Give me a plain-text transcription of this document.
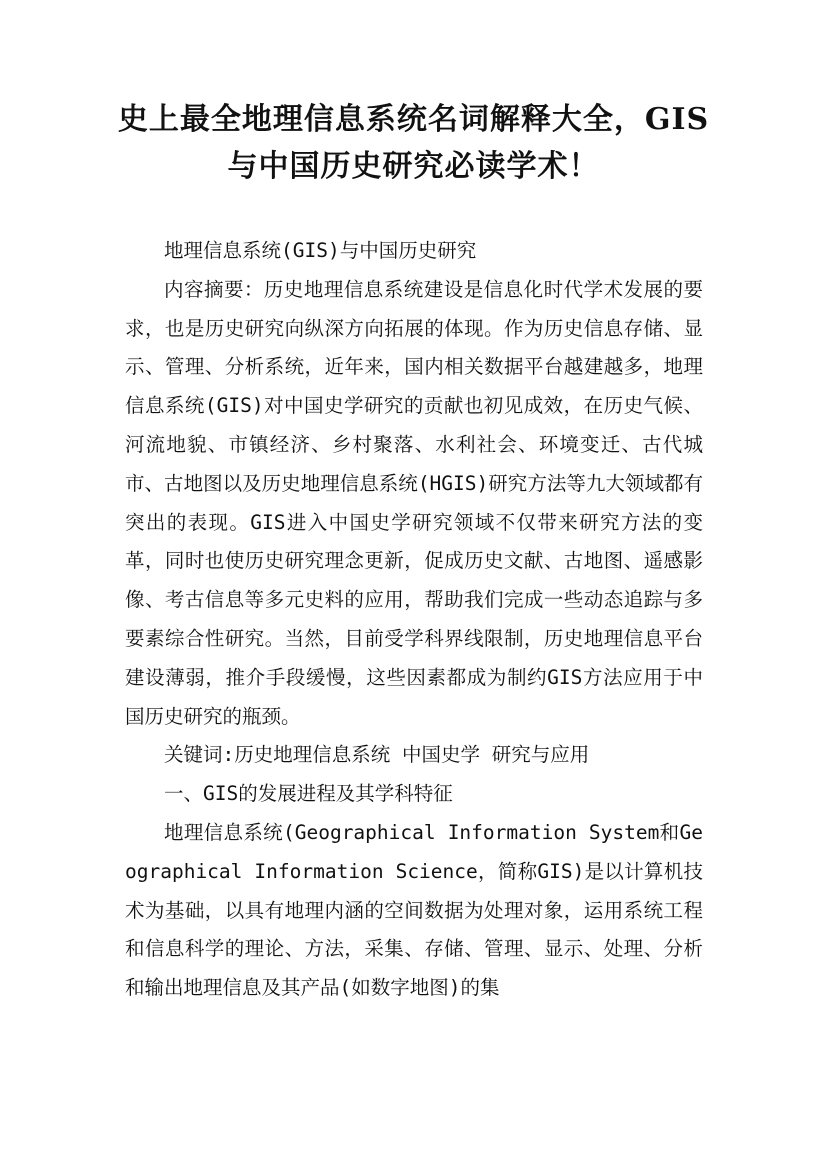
史上最全地理信息系统名词解释大全，GIS
与中国历史研究必读学术！

地理信息系统(GIS)与中国历史研究

内容摘要：历史地理信息系统建设是信息化时代学术发展的要求，也是历史研究向纵深方向拓展的体现。作为历史信息存储、显示、管理、分析系统，近年来，国内相关数据平台越建越多，地理信息系统(GIS)对中国史学研究的贡献也初见成效，在历史气候、河流地貌、市镇经济、乡村聚落、水利社会、环境变迁、古代城市、古地图以及历史地理信息系统(HGIS)研究方法等九大领域都有突出的表现。GIS进入中国史学研究领域不仅带来研究方法的变革，同时也使历史研究理念更新，促成历史文献、古地图、遥感影像、考古信息等多元史料的应用，帮助我们完成一些动态追踪与多要素综合性研究。当然，目前受学科界线限制，历史地理信息平台建设薄弱，推介手段缓慢，这些因素都成为制约GIS方法应用于中国历史研究的瓶颈。

关键词:历史地理信息系统 中国史学 研究与应用

一、GIS的发展进程及其学科特征

地理信息系统(Geographical Information System和Geographical Information Science，简称GIS)是以计算机技术为基础，以具有地理内涵的空间数据为处理对象，运用系统工程和信息科学的理论、方法，采集、存储、管理、显示、处理、分析和输出地理信息及其产品(如数字地图)的集
